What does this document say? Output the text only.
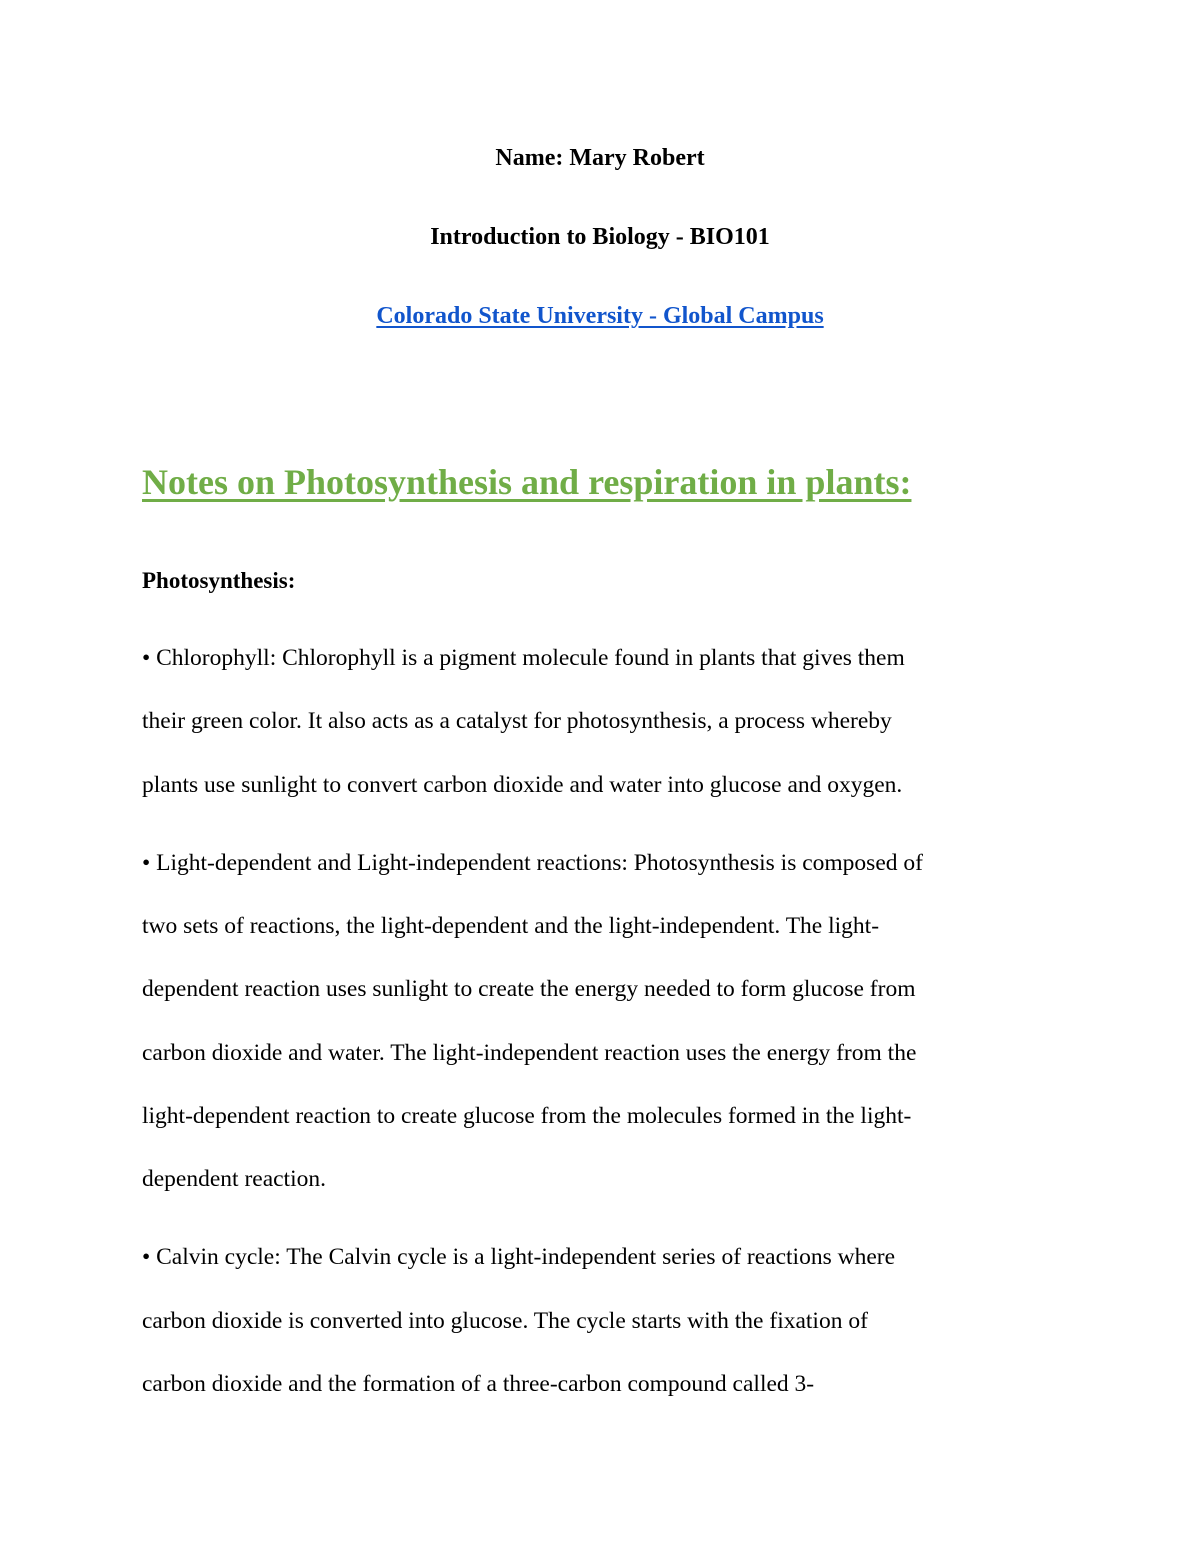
Name: Mary Robert
Introduction to Biology - BIO101
Colorado State University - Global Campus
Notes on Photosynthesis and respiration in plants:
Photosynthesis:
• Chlorophyll: Chlorophyll is a pigment molecule found in plants that gives them
their green color. It also acts as a catalyst for photosynthesis, a process whereby
plants use sunlight to convert carbon dioxide and water into glucose and oxygen.
• Light-dependent and Light-independent reactions: Photosynthesis is composed of
two sets of reactions, the light-dependent and the light-independent. The light-
dependent reaction uses sunlight to create the energy needed to form glucose from
carbon dioxide and water. The light-independent reaction uses the energy from the
light-dependent reaction to create glucose from the molecules formed in the light-
dependent reaction.
• Calvin cycle: The Calvin cycle is a light-independent series of reactions where
carbon dioxide is converted into glucose. The cycle starts with the fixation of
carbon dioxide and the formation of a three-carbon compound called 3-
